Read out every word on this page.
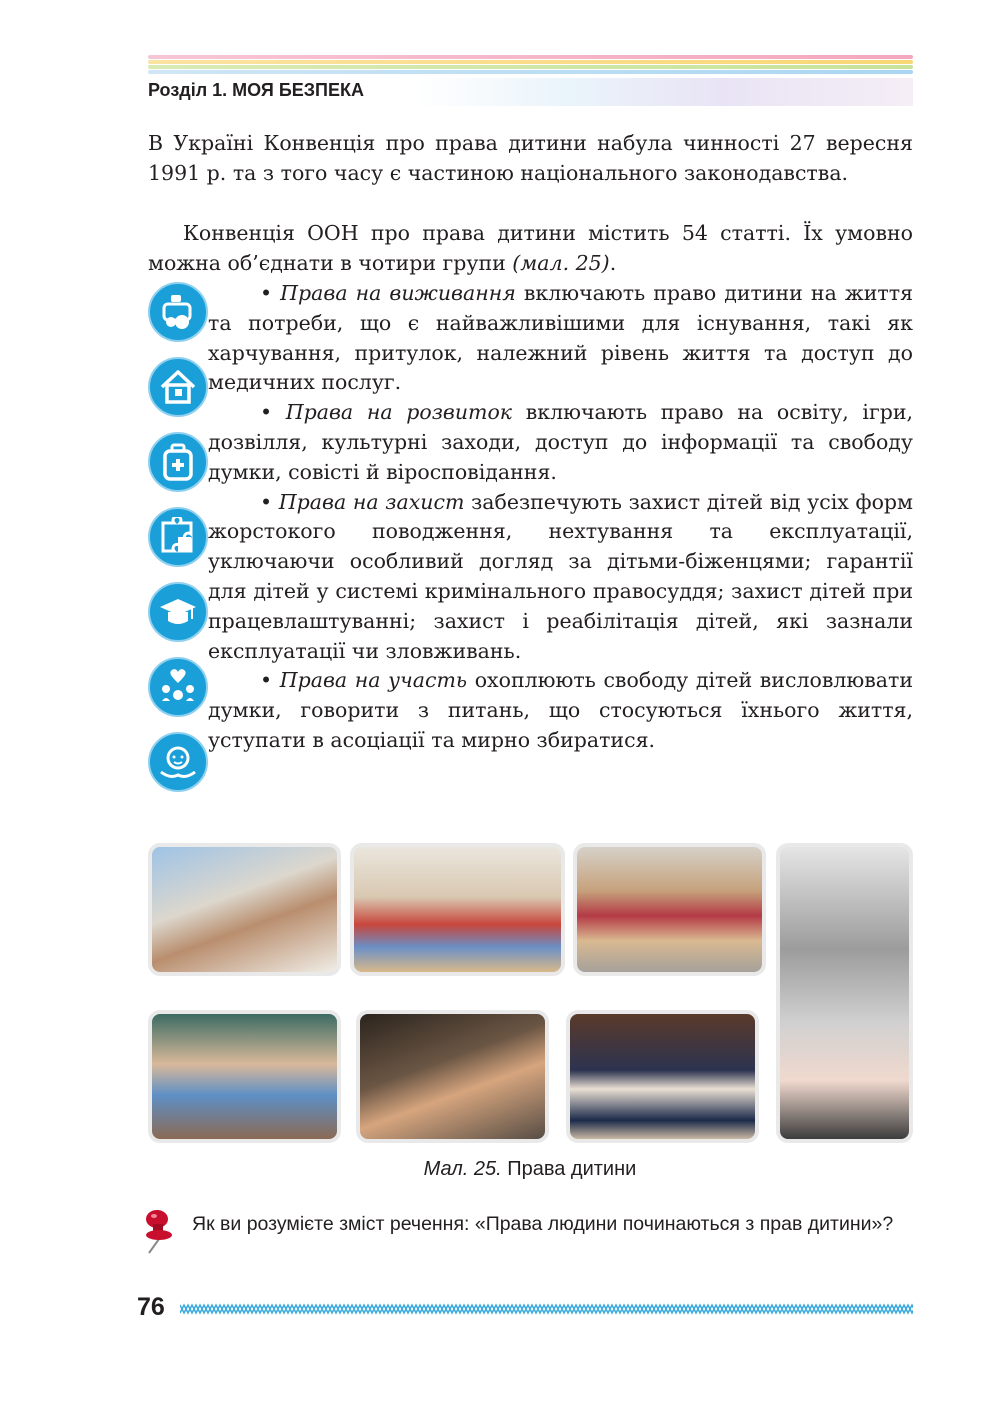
Розділ 1. МОЯ БЕЗПЕКА

В Україні Конвенція про права дитини набула чинності 27 вересня 1991 р. та з того часу є частиною національного законодавства.

Конвенція ООН про права дитини містить 54 статті. Їх умовно можна об’єднати в чотири групи (мал. 25).

• Права на виживання включають право дитини на життя та потреби, що є найважливішими для існування, такі як харчування, притулок, належний рівень життя та доступ до медичних послуг.

• Права на розвиток включають право на освіту, ігри, дозвілля, культурні заходи, доступ до інформації та свободу думки, совісті й віросповідання.

• Права на захист забезпечують захист дітей від усіх форм жорстокого поводження, нехтування та експлуатації, уключаючи особливий догляд за дітьми-біженцями; гарантії для дітей у системі кримінального правосуддя; захист дітей при працевлаштуванні; захист і реабілітація дітей, які зазнали експлуатації чи зловживань.

• Права на участь охоплюють свободу дітей висловлювати думки, говорити з питань, що стосуються їхнього життя, уступати в асоціації та мирно збиратися.

Мал. 25. Права дитини

Як ви розумієте зміст речення: «Права людини починаються з прав дитини»?

76
